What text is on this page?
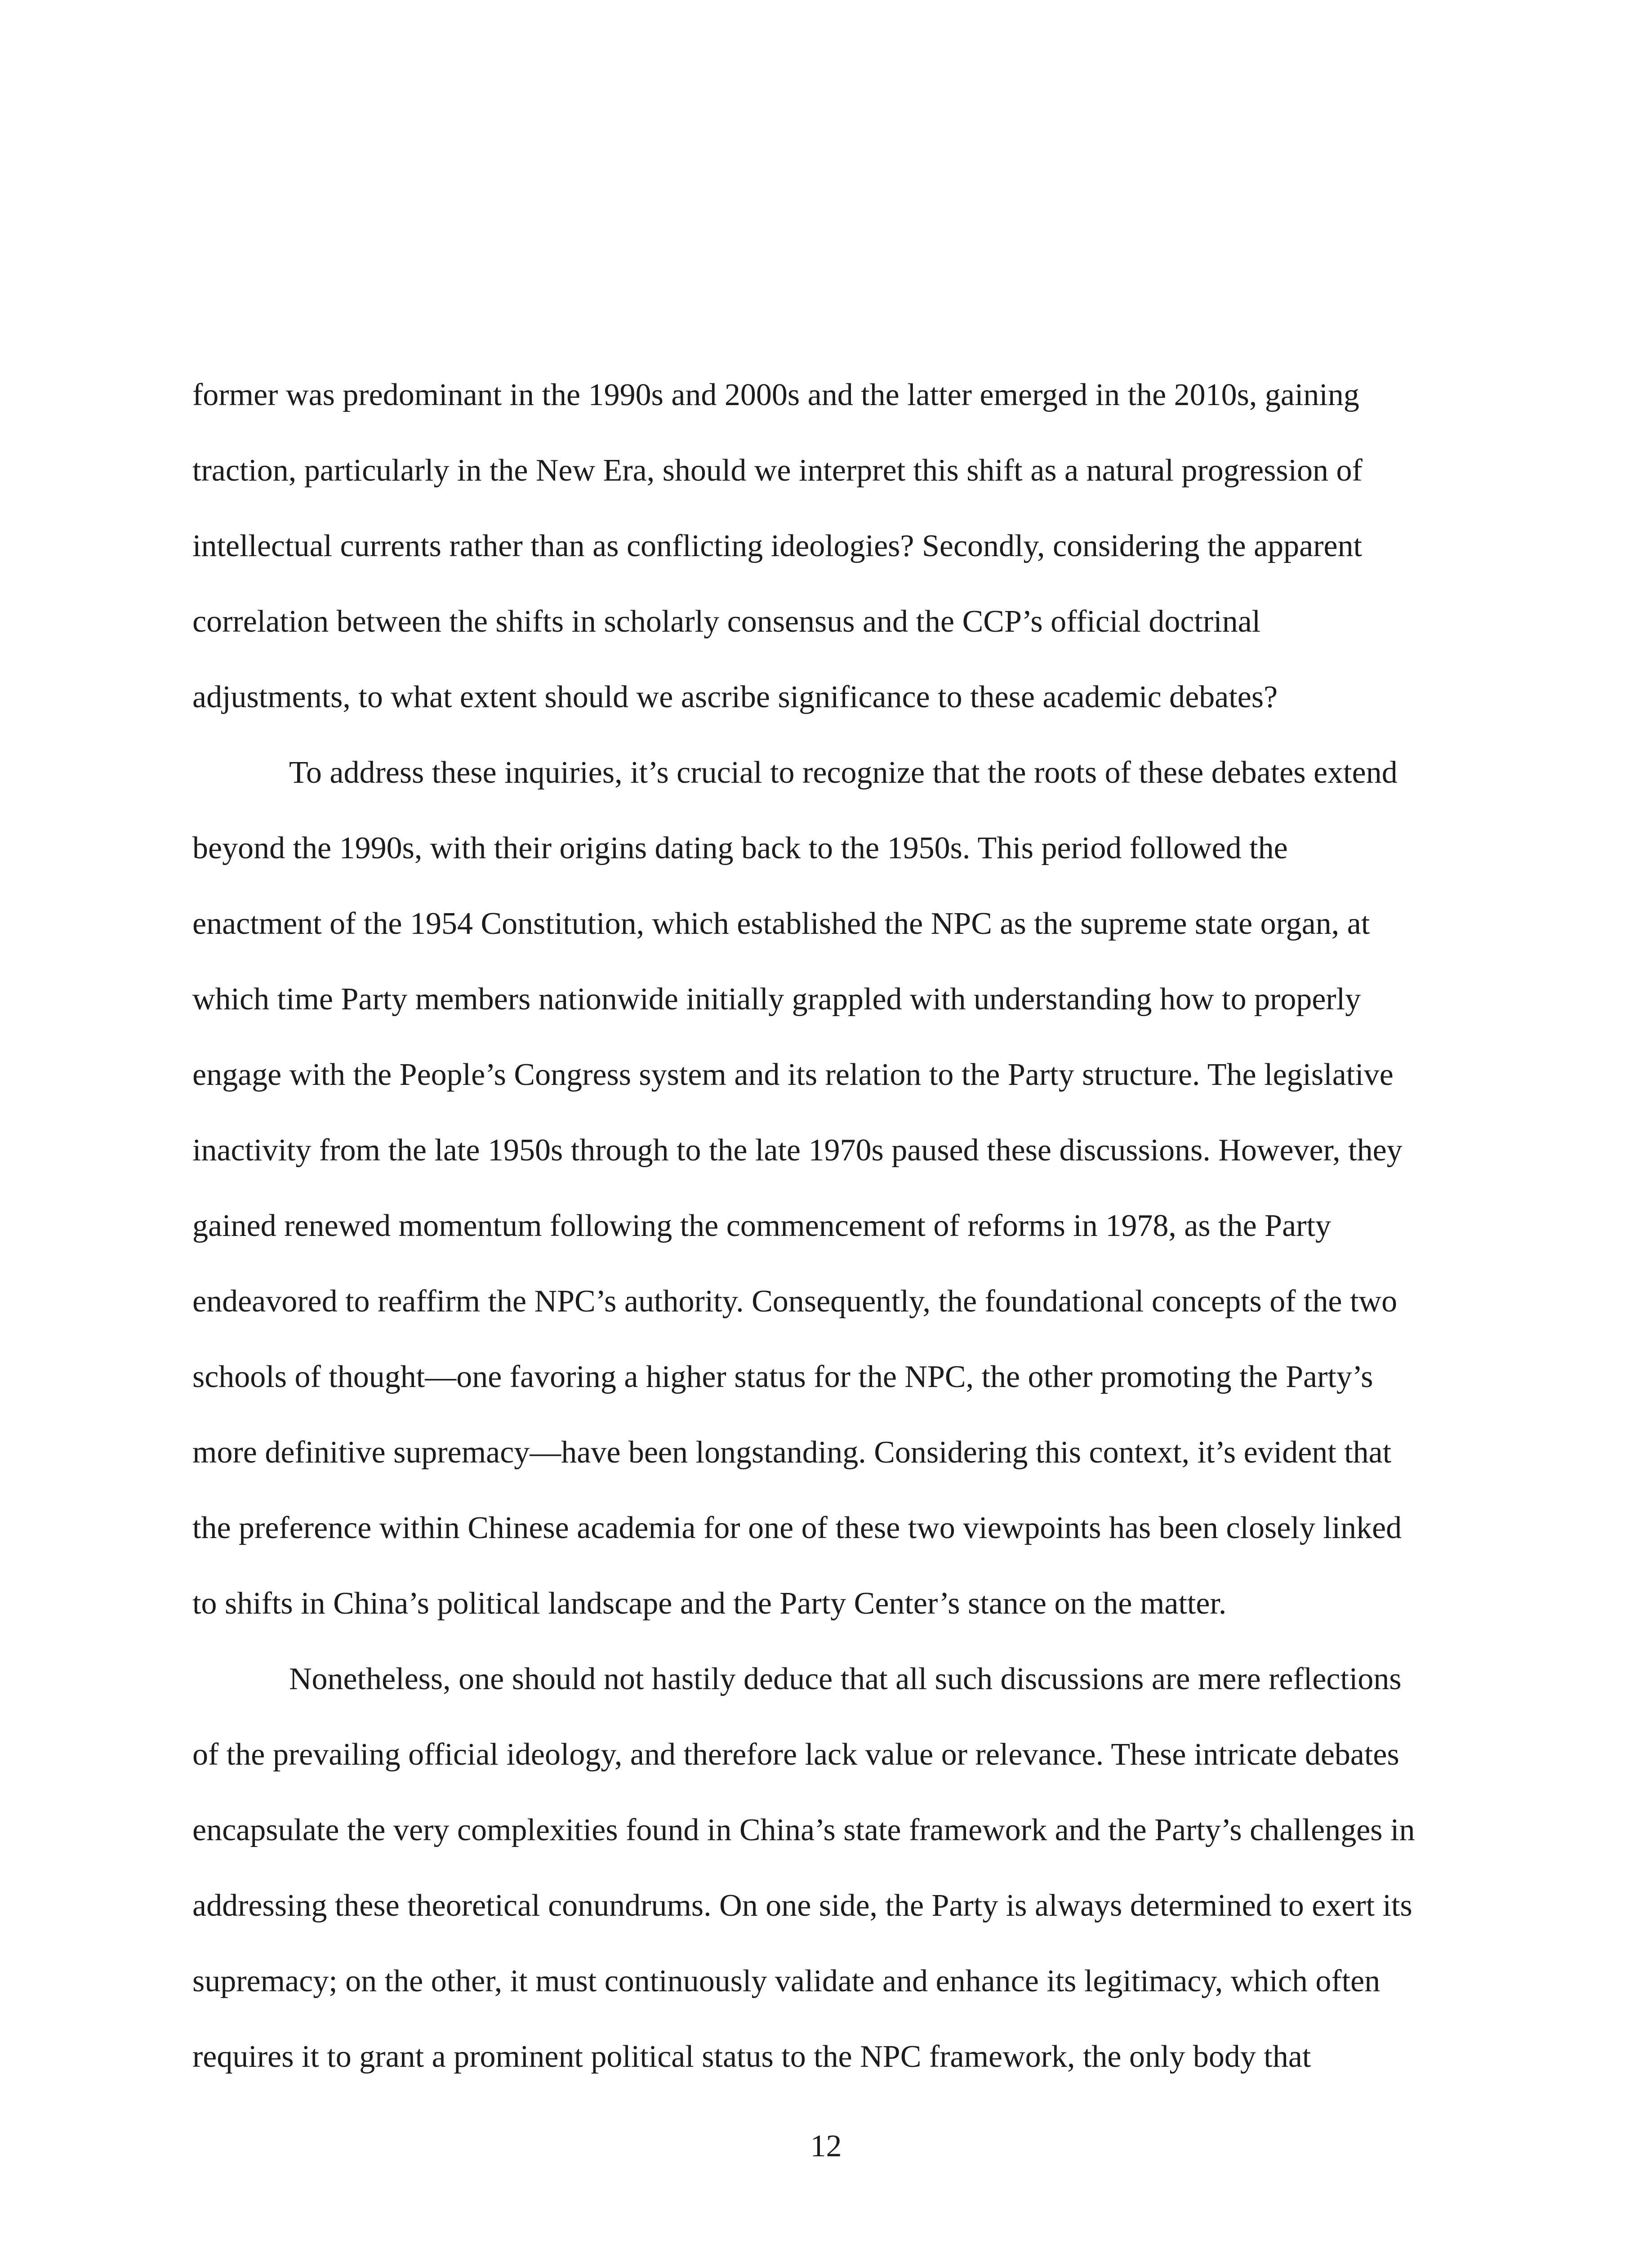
former was predominant in the 1990s and 2000s and the latter emerged in the 2010s, gaining
traction, particularly in the New Era, should we interpret this shift as a natural progression of
intellectual currents rather than as conflicting ideologies? Secondly, considering the apparent
correlation between the shifts in scholarly consensus and the CCP’s official doctrinal
adjustments, to what extent should we ascribe significance to these academic debates?
To address these inquiries, it’s crucial to recognize that the roots of these debates extend
beyond the 1990s, with their origins dating back to the 1950s. This period followed the
enactment of the 1954 Constitution, which established the NPC as the supreme state organ, at
which time Party members nationwide initially grappled with understanding how to properly
engage with the People’s Congress system and its relation to the Party structure. The legislative
inactivity from the late 1950s through to the late 1970s paused these discussions. However, they
gained renewed momentum following the commencement of reforms in 1978, as the Party
endeavored to reaffirm the NPC’s authority. Consequently, the foundational concepts of the two
schools of thought—one favoring a higher status for the NPC, the other promoting the Party’s
more definitive supremacy—have been longstanding. Considering this context, it’s evident that
the preference within Chinese academia for one of these two viewpoints has been closely linked
to shifts in China’s political landscape and the Party Center’s stance on the matter.
Nonetheless, one should not hastily deduce that all such discussions are mere reflections
of the prevailing official ideology, and therefore lack value or relevance. These intricate debates
encapsulate the very complexities found in China’s state framework and the Party’s challenges in
addressing these theoretical conundrums. On one side, the Party is always determined to exert its
supremacy; on the other, it must continuously validate and enhance its legitimacy, which often
requires it to grant a prominent political status to the NPC framework, the only body that
12
